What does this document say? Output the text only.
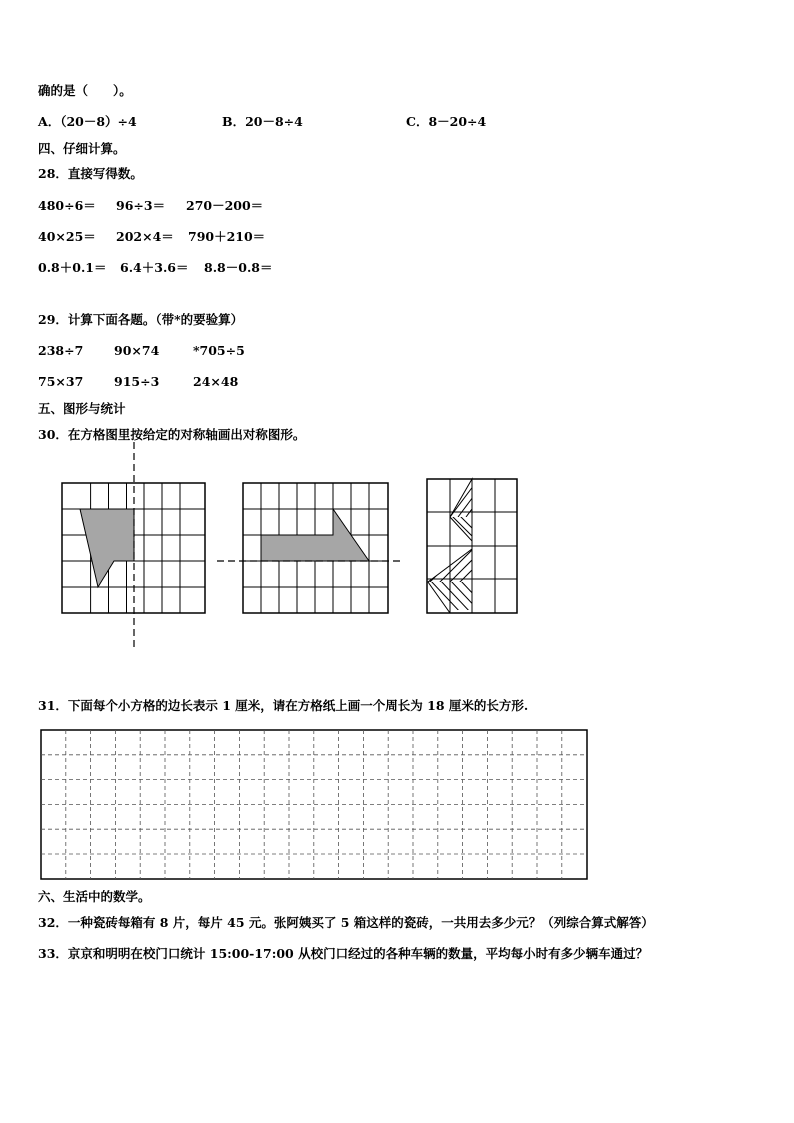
确的是（　　）。
A．（20－8）÷4	B．20－8÷4	C．8－20÷4
四、仔细计算。
28．直接写得数。
480÷6＝ 96÷3＝ 270－200＝
40×25＝ 202×4＝ 790＋210＝
0.8＋0.1＝ 6.4＋3.6＝ 8.8－0.8＝
29．计算下面各题。（带*的要验算）
238÷7 90×74	*705÷5
75×37 915÷3	24×48
五、图形与统计
30．在方格图里按给定的对称轴画出对称图形。
31．下面每个小方格的边长表示 1 厘米，请在方格纸上画一个周长为 18 厘米的长方形.
六、生活中的数学。
32．一种瓷砖每箱有 8 片，每片 45 元。张阿姨买了 5 箱这样的瓷砖，一共用去多少元？（列综合算式解答）
33．京京和明明在校门口统计 15:00-17:00 从校门口经过的各种车辆的数量，平均每小时有多少辆车通过？
